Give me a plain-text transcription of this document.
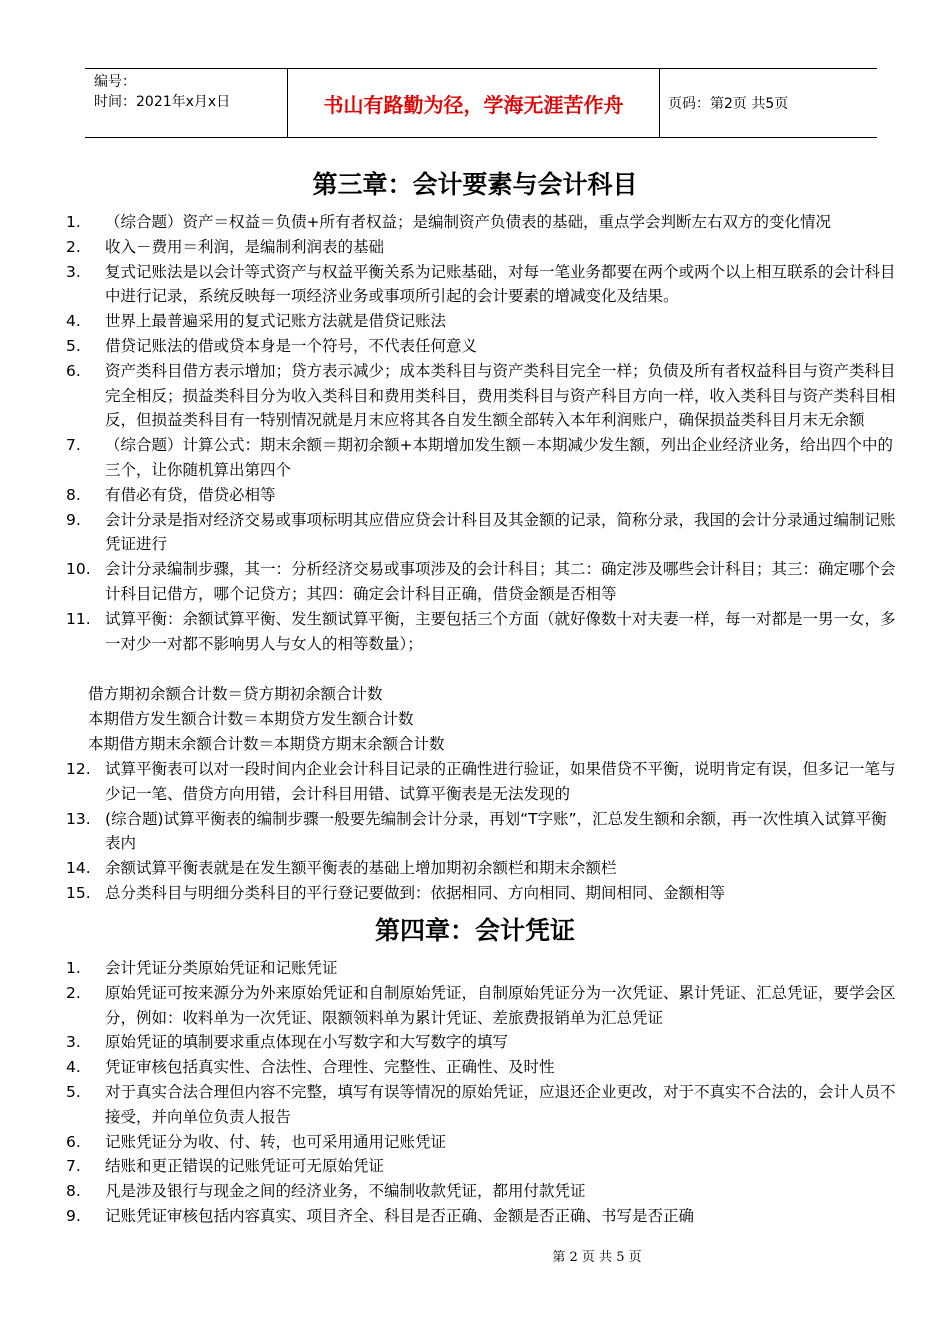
编号：
时间：2021年x月x日	书山有路勤为径，学海无涯苦作舟	页码：第2页 共5页
第三章：会计要素与会计科目
1.	（综合题）资产＝权益＝负债+所有者权益；是编制资产负债表的基础，重点学会判断左右双方的变化情况
2.	收入－费用＝利润，是编制利润表的基础
3.	复式记账法是以会计等式资产与权益平衡关系为记账基础，对每一笔业务都要在两个或两个以上相互联系的会计科目中进行记录，系统反映每一项经济业务或事项所引起的会计要素的增减变化及结果。
4.	世界上最普遍采用的复式记账方法就是借贷记账法
5.	借贷记账法的借或贷本身是一个符号，不代表任何意义
6.	资产类科目借方表示增加；贷方表示减少；成本类科目与资产类科目完全一样；负债及所有者权益科目与资产类科目完全相反；损益类科目分为收入类科目和费用类科目，费用类科目与资产科目方向一样，收入类科目与资产类科目相反，但损益类科目有一特别情况就是月末应将其各自发生额全部转入本年利润账户，确保损益类科目月末无余额
7.	（综合题）计算公式：期末余额＝期初余额+本期增加发生额－本期减少发生额，列出企业经济业务，给出四个中的三个，让你随机算出第四个
8.	有借必有贷，借贷必相等
9.	会计分录是指对经济交易或事项标明其应借应贷会计科目及其金额的记录，简称分录，我国的会计分录通过编制记账凭证进行
10. 会计分录编制步骤，其一：分析经济交易或事项涉及的会计科目；其二：确定涉及哪些会计科目；其三：确定哪个会计科目记借方，哪个记贷方；其四：确定会计科目正确，借贷金额是否相等
11. 试算平衡：余额试算平衡、发生额试算平衡，主要包括三个方面（就好像数十对夫妻一样，每一对都是一男一女，多一对少一对都不影响男人与女人的相等数量）；
借方期初余额合计数＝贷方期初余额合计数
本期借方发生额合计数＝本期贷方发生额合计数
本期借方期末余额合计数＝本期贷方期末余额合计数
12. 试算平衡表可以对一段时间内企业会计科目记录的正确性进行验证，如果借贷不平衡，说明肯定有误，但多记一笔与少记一笔、借贷方向用错，会计科目用错、试算平衡表是无法发现的
13. (综合题)试算平衡表的编制步骤一般要先编制会计分录，再划“T字账”，汇总发生额和余额，再一次性填入试算平衡表内
14. 余额试算平衡表就是在发生额平衡表的基础上增加期初余额栏和期末余额栏
15. 总分类科目与明细分类科目的平行登记要做到：依据相同、方向相同、期间相同、金额相等
第四章：会计凭证
1.	会计凭证分类原始凭证和记账凭证
2.	原始凭证可按来源分为外来原始凭证和自制原始凭证，自制原始凭证分为一次凭证、累计凭证、汇总凭证，要学会区分，例如：收料单为一次凭证、限额领料单为累计凭证、差旅费报销单为汇总凭证
3.	原始凭证的填制要求重点体现在小写数字和大写数字的填写
4.	凭证审核包括真实性、合法性、合理性、完整性、正确性、及时性
5.	对于真实合法合理但内容不完整，填写有误等情况的原始凭证，应退还企业更改，对于不真实不合法的，会计人员不接受，并向单位负责人报告
6.	记账凭证分为收、付、转，也可采用通用记账凭证
7.	结账和更正错误的记账凭证可无原始凭证
8.	凡是涉及银行与现金之间的经济业务，不编制收款凭证，都用付款凭证
9.	记账凭证审核包括内容真实、项目齐全、科目是否正确、金额是否正确、书写是否正确
第 2 页 共 5 页
